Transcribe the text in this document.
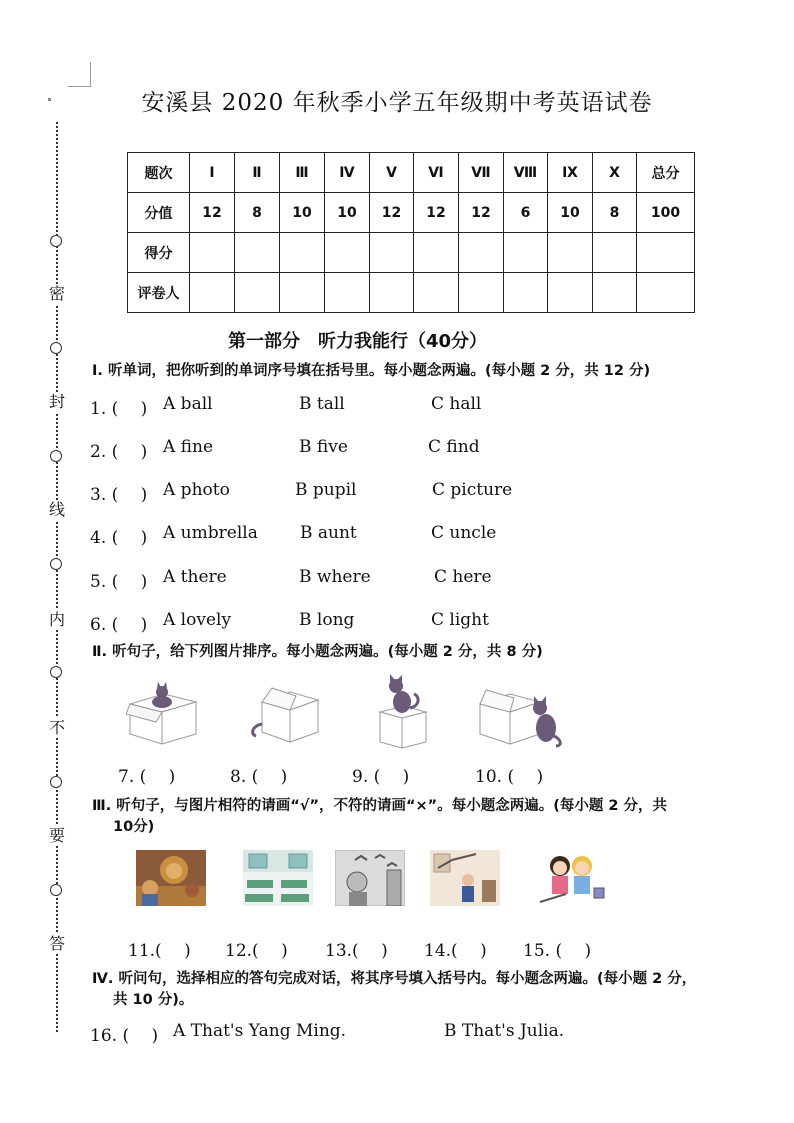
密
封
线
内
不
要
答
安溪县 2020 年秋季小学五年级期中考英语试卷
题次	Ⅰ	Ⅱ	Ⅲ	Ⅳ	Ⅴ	Ⅵ	Ⅶ	Ⅷ	Ⅸ	Ⅹ	总分
分值	12	8	10	10	12	12	12	6	10	8	100
得分											
评卷人											
第一部分　听力我能行（40分）
Ⅰ. 听单词，把你听到的单词序号填在括号里。每小题念两遍。(每小题 2 分，共 12 分)
1. (　 ) A ball	B tall	C hall
2. (　 ) A fine	B five	C find
3. (　 ) A photo	B pupil	C picture
4. (　 ) A umbrella B aunt	C uncle
5. (　 ) A there	B where	C here
6. (　 ) A lovely	B long	C light
Ⅱ. 听句子，给下列图片排序。每小题念两遍。(每小题 2 分，共 8 分)
7. (　 )	8. (　 )	9. (　 )	10. (　 )
Ⅲ. 听句子，与图片相符的请画“√”，不符的请画“×”。每小题念两遍。(每小题 2 分，共
10分)
11.(　 ) 12.(　 ) 13.(　 ) 14.(　 ) 15. (　 )
Ⅳ. 听问句，选择相应的答句完成对话，将其序号填入括号内。每小题念两遍。(每小题 2 分，
共 10 分)。
16. (　 ) A That's Yang Ming.	B That's Julia.
